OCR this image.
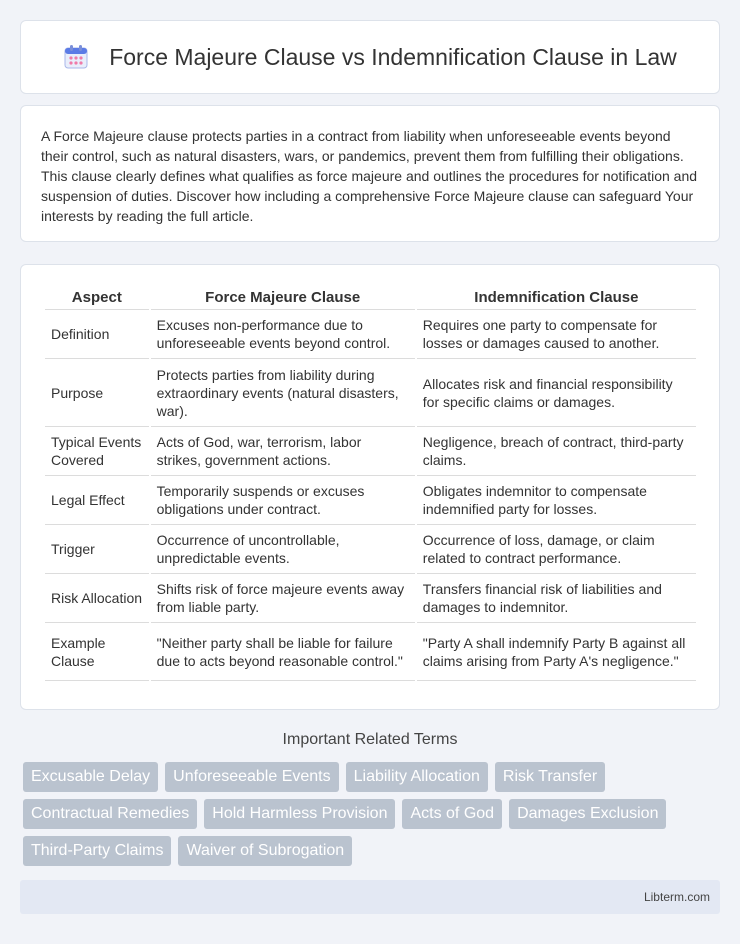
Force Majeure Clause vs Indemnification Clause in Law

A Force Majeure clause protects parties in a contract from liability when unforeseeable events beyond their control, such as natural disasters, wars, or pandemics, prevent them from fulfilling their obligations. This clause clearly defines what qualifies as force majeure and outlines the procedures for notification and suspension of duties. Discover how including a comprehensive Force Majeure clause can safeguard Your interests by reading the full article.

Aspect	Force Majeure Clause	Indemnification Clause
Definition	Excuses non-performance due to unforeseeable events beyond control.	Requires one party to compensate for losses or damages caused to another.
Purpose	Protects parties from liability during extraordinary events (natural disasters, war).	Allocates risk and financial responsibility for specific claims or damages.
Typical Events Covered	Acts of God, war, terrorism, labor strikes, government actions.	Negligence, breach of contract, third-party claims.
Legal Effect	Temporarily suspends or excuses obligations under contract.	Obligates indemnitor to compensate indemnified party for losses.
Trigger	Occurrence of uncontrollable, unpredictable events.	Occurrence of loss, damage, or claim related to contract performance.
Risk Allocation	Shifts risk of force majeure events away from liable party.	Transfers financial risk of liabilities and damages to indemnitor.
Example Clause	"Neither party shall be liable for failure due to acts beyond reasonable control."	"Party A shall indemnify Party B against all claims arising from Party A's negligence."
Important Related Terms
Excusable Delay	Unforeseeable Events	Liability Allocation	Risk Transfer
Contractual Remedies	Hold Harmless Provision	Acts of God	Damages Exclusion
Third-Party Claims	Waiver of Subrogation
Libterm.com
